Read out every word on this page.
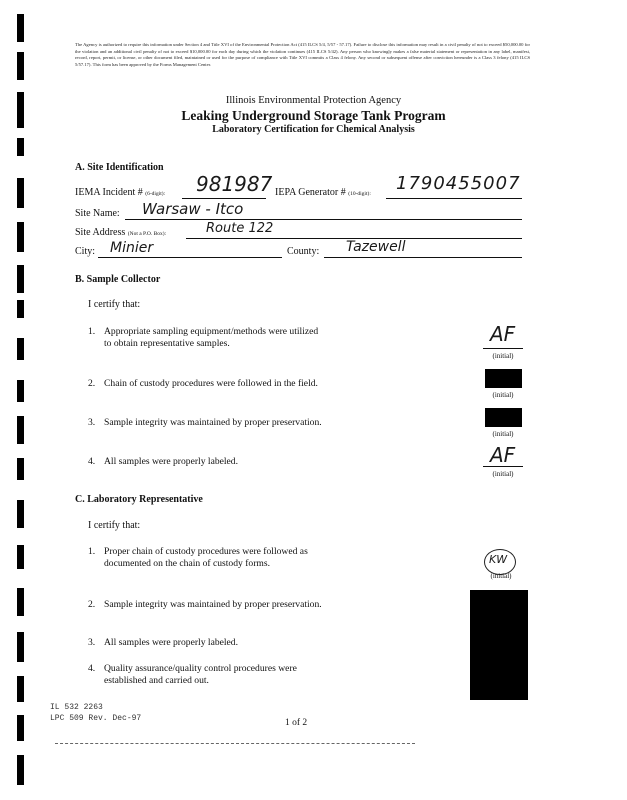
The Agency is authorized to require this information under Section 4 and Title XVI of the Environmental Protection Act (415 ILCS 5/4, 5/57 - 57.17). Failure to disclose this information may result in a civil penalty of not to exceed $50,000.00 for the violation and an additional civil penalty of not to exceed $10,000.00 for each day during which the violation continues (415 ILCS 5/42). Any person who knowingly makes a false material statement or representation in any label, manifest, record, report, permit, or license, or other document filed, maintained or used for the purpose of compliance with Title XVI commits a Class 4 felony. Any second or subsequent offense after conviction hereunder is a Class 3 felony (415 ILCS 5/57.17). This form has been approved by the Forms Management Center.
Illinois Environmental Protection Agency
Leaking Underground Storage Tank Program
Laboratory Certification for Chemical Analysis
A. Site Identification
IEMA Incident # (6-digit): 981987 IEPA Generator # (10-digit): 1790455007
Site Name: Warsaw - Itco
Site Address (Not a P.O. Box):	Route 122
City: Minier	County: Tazewell
B. Sample Collector
I certify that:
1. Appropriate sampling equipment/methods were utilized
to obtain representative samples.	AF
(initial)
2. Chain of custody procedures were followed in the field.
(initial)
3. Sample integrity was maintained by proper preservation.
(initial)
4. All samples were properly labeled.	AF
(initial)
C. Laboratory Representative
I certify that:
1. Proper chain of custody procedures were followed as
documented on the chain of custody forms.	KW
(initial)
2. Sample integrity was maintained by proper preservation.
3. All samples were properly labeled.
4. Quality assurance/quality control procedures were
established and carried out.
IL 532 2263
LPC 509 Rev. Dec-97	1 of 2
